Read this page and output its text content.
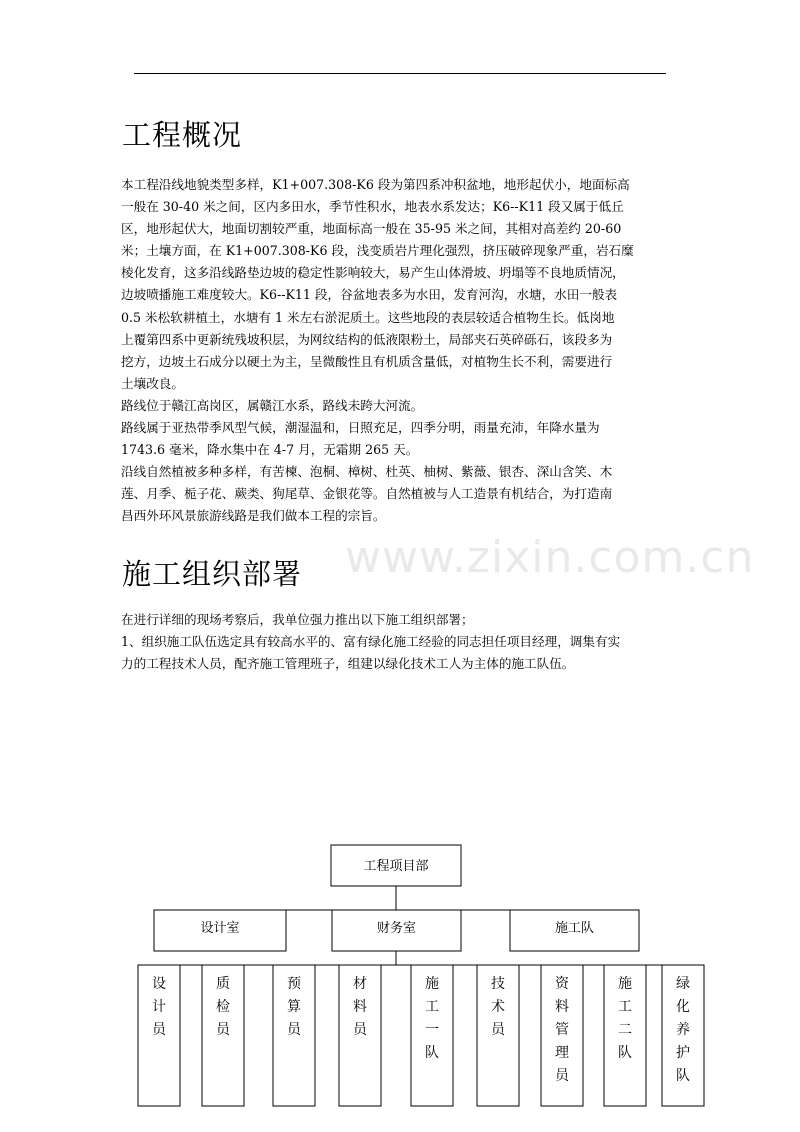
工程概况
本工程沿线地貌类型多样，K1+007.308-K6 段为第四系冲积盆地，地形起伏小，地面标高
一般在 30-40 米之间，区内多田水，季节性积水，地表水系发达；K6--K11 段又属于低丘
区，地形起伏大，地面切割较严重，地面标高一般在 35-95 米之间，其相对高差约 20-60
米；土壤方面，在 K1+007.308-K6 段，浅变质岩片理化强烈，挤压破碎现象严重，岩石糜
棱化发育，这多沿线路垫边坡的稳定性影响较大，易产生山体滑坡、坍塌等不良地质情况，
边坡喷播施工难度较大。K6--K11 段，谷盆地表多为水田，发育河沟，水塘，水田一般表
0.5 米松软耕植土，水塘有 1 米左右淤泥质土。这些地段的表层较适合植物生长。低岗地
上覆第四系中更新统残坡积层，为网纹结构的低液限粉土，局部夹石英碎砾石，该段多为
挖方，边坡土石成分以硬土为主，呈微酸性且有机质含量低，对植物生长不利，需要进行
土壤改良。
路线位于赣江高岗区，属赣江水系，路线未跨大河流。
路线属于亚热带季风型气候，潮湿温和，日照充足，四季分明，雨量充沛，年降水量为
1743.6 毫米，降水集中在 4-7 月，无霜期 265 天。
沿线自然植被多种多样，有苦楝、泡桐、樟树、杜英、柚树、紫薇、银杏、深山含笑、木
莲、月季、栀子花、蕨类、狗尾草、金银花等。自然植被与人工造景有机结合，为打造南
昌西外环风景旅游线路是我们做本工程的宗旨。
www.zixin.com.cn
施工组织部署
在进行详细的现场考察后，我单位强力推出以下施工组织部署；
1、组织施工队伍选定具有较高水平的、富有绿化施工经验的同志担任项目经理，调集有实
力的工程技术人员，配齐施工管理班子，组建以绿化技术工人为主体的施工队伍。
工程项目部
设计室	财务室	施工队
设
计
员
质
检
员
预
算
员
材
料
员
施
工
一
队
技
术
员
资
料
管
理
员
施
工
二
队
绿
化
养
护
队
